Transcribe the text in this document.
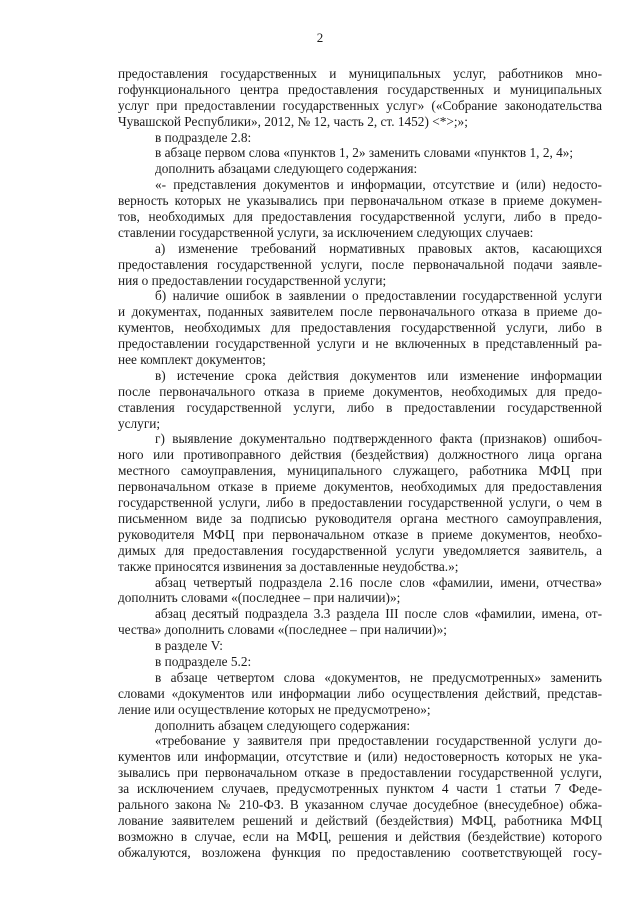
2
предоставления государственных и муниципальных услуг, работников мно-
гофункционального центра предоставления государственных и муниципальных
услуг при предоставлении государственных услуг» («Собрание законодательства
Чувашской Республики», 2012, № 12, часть 2, ст. 1452) <*>;»;
в подразделе 2.8:
в абзаце первом слова «пунктов 1, 2» заменить словами «пунктов 1, 2, 4»;
дополнить абзацами следующего содержания:
«- представления документов и информации, отсутствие и (или) недосто-
верность которых не указывались при первоначальном отказе в приеме докумен-
тов, необходимых для предоставления государственной услуги, либо в предо-
ставлении государственной услуги, за исключением следующих случаев:
а) изменение требований нормативных правовых актов, касающихся
предоставления государственной услуги, после первоначальной подачи заявле-
ния о предоставлении государственной услуги;
б) наличие ошибок в заявлении о предоставлении государственной услуги
и документах, поданных заявителем после первоначального отказа в приеме до-
кументов, необходимых для предоставления государственной услуги, либо в
предоставлении государственной услуги и не включенных в представленный ра-
нее комплект документов;
в) истечение срока действия документов или изменение информации
после первоначального отказа в приеме документов, необходимых для предо-
ставления государственной услуги, либо в предоставлении государственной
услуги;
г) выявление документально подтвержденного факта (признаков) ошибоч-
ного или противоправного действия (бездействия) должностного лица органа
местного самоуправления, муниципального служащего, работника МФЦ при
первоначальном отказе в приеме документов, необходимых для предоставления
государственной услуги, либо в предоставлении государственной услуги, о чем в
письменном виде за подписью руководителя органа местного самоуправления,
руководителя МФЦ при первоначальном отказе в приеме документов, необхо-
димых для предоставления государственной услуги уведомляется заявитель, а
также приносятся извинения за доставленные неудобства.»;
абзац четвертый подраздела 2.16 после слов «фамилии, имени, отчества»
дополнить словами «(последнее – при наличии)»;
абзац десятый подраздела 3.3 раздела III после слов «фамилии, имена, от-
чества» дополнить словами «(последнее – при наличии)»;
в разделе V:
в подразделе 5.2:
в абзаце четвертом слова «документов, не предусмотренных» заменить
словами «документов или информации либо осуществления действий, представ-
ление или осуществление которых не предусмотрено»;
дополнить абзацем следующего содержания:
«требование у заявителя при предоставлении государственной услуги до-
кументов или информации, отсутствие и (или) недостоверность которых не ука-
зывались при первоначальном отказе в предоставлении государственной услуги,
за исключением случаев, предусмотренных пунктом 4 части 1 статьи 7 Феде-
рального закона № 210-ФЗ. В указанном случае досудебное (внесудебное) обжа-
лование заявителем решений и действий (бездействия) МФЦ, работника МФЦ
возможно в случае, если на МФЦ, решения и действия (бездействие) которого
обжалуются, возложена функция по предоставлению соответствующей госу-
